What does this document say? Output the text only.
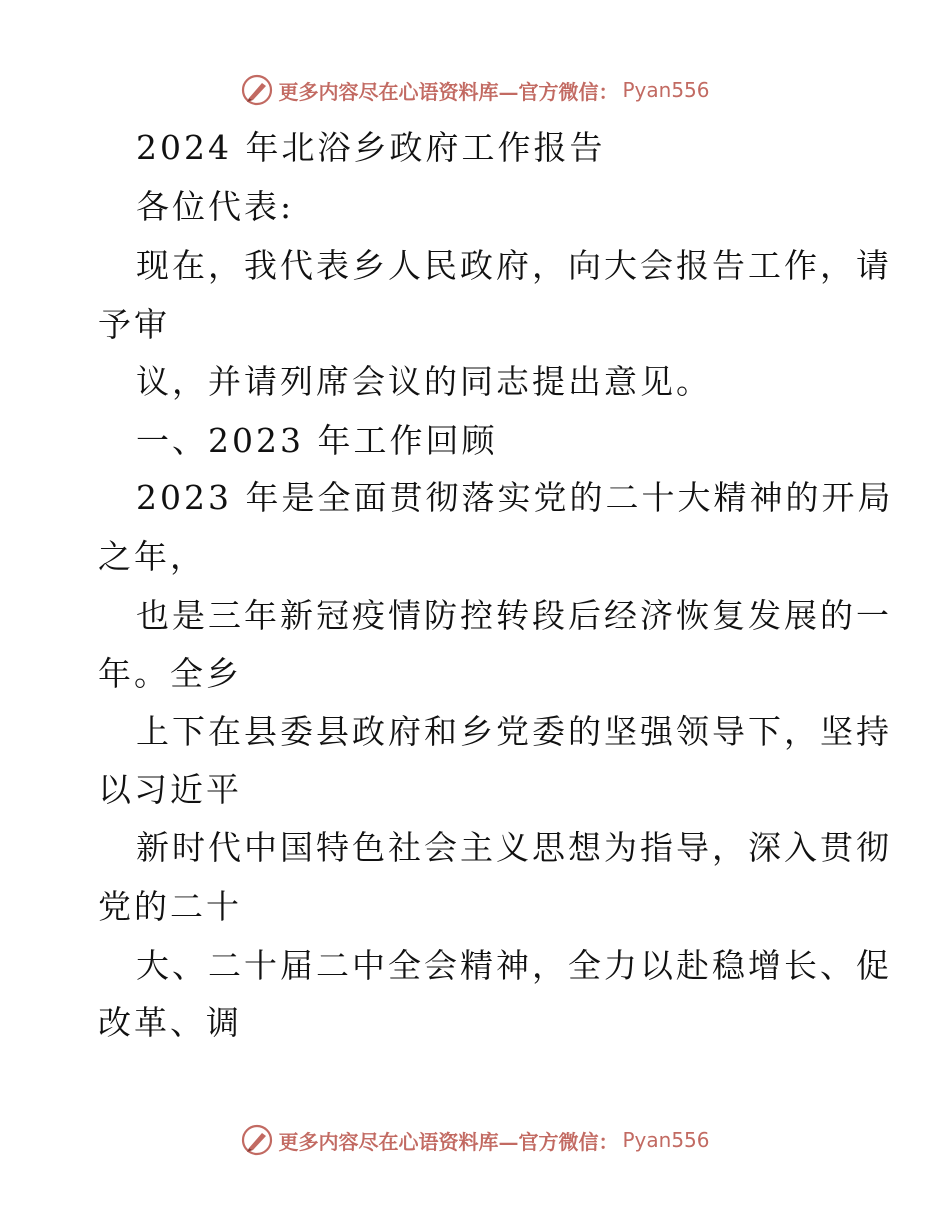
更多内容尽在心语资料库—官方微信： Pyan556
2024 年北浴乡政府工作报告
各位代表:
现在，我代表乡人民政府，向大会报告工作，请
予审
议，并请列席会议的同志提出意见。
一、2023 年工作回顾
2023 年是全面贯彻落实党的二十大精神的开局
之年，
也是三年新冠疫情防控转段后经济恢复发展的一
年。全乡
上下在县委县政府和乡党委的坚强领导下，坚持
以习近平
新时代中国特色社会主义思想为指导，深入贯彻
党的二十
大、二十届二中全会精神，全力以赴稳增长、促
改革、调
更多内容尽在心语资料库—官方微信： Pyan556
